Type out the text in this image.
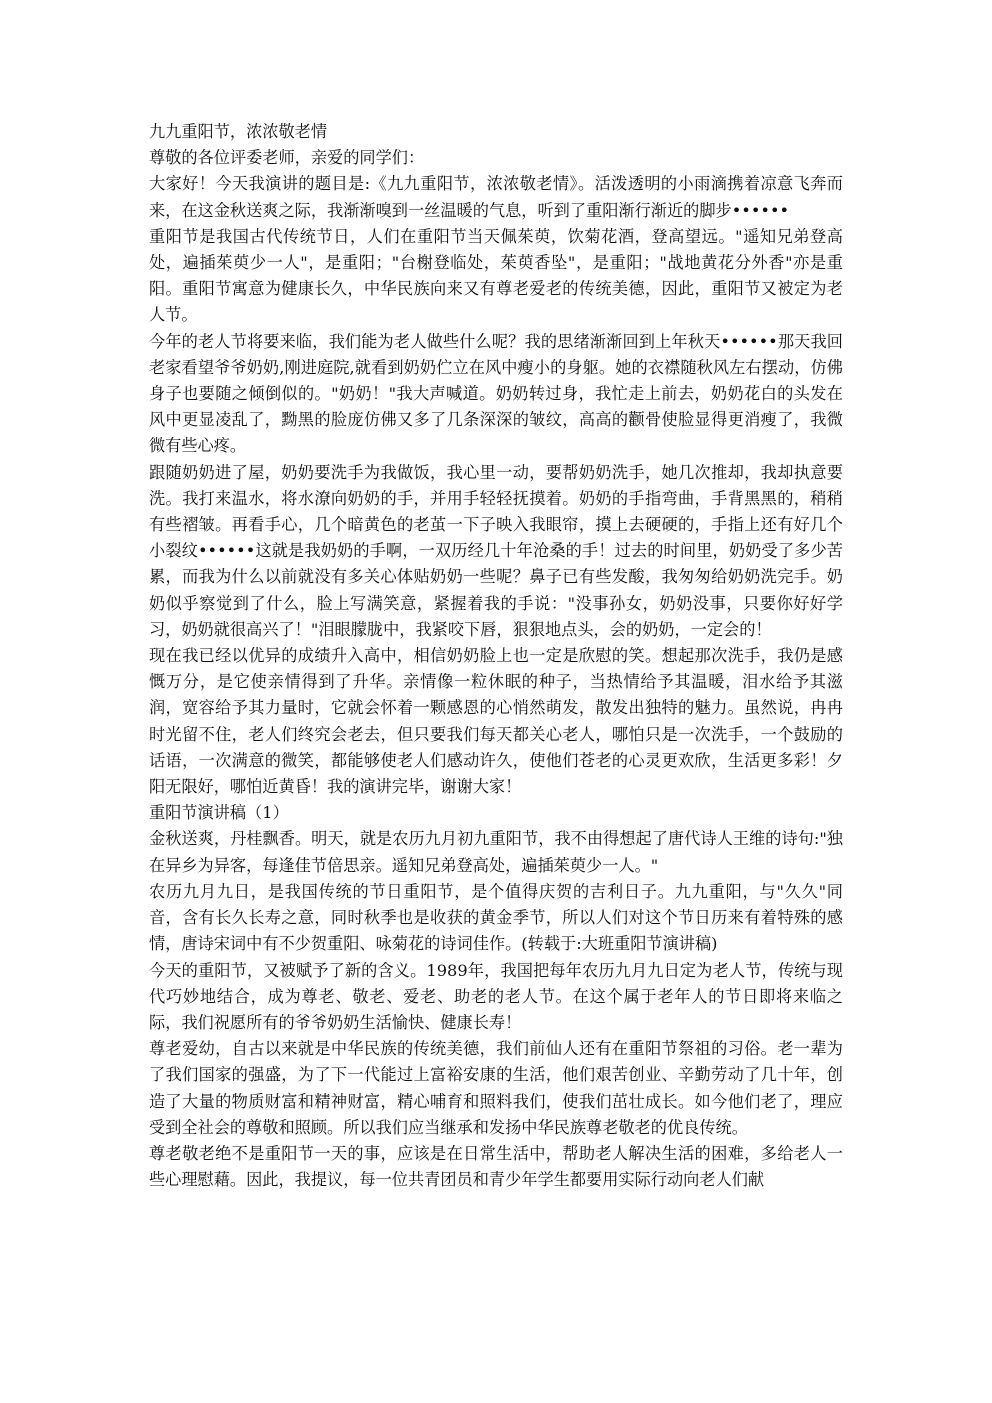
九九重阳节，浓浓敬老情

尊敬的各位评委老师，亲爱的同学们：

大家好！今天我演讲的题目是:《九九重阳节，浓浓敬老情》。活泼透明的小雨滴携着凉意飞奔而来，在这金秋送爽之际，我渐渐嗅到一丝温暖的气息，听到了重阳渐行渐近的脚步••••••

重阳节是我国古代传统节日，人们在重阳节当天佩茱萸，饮菊花酒，登高望远。"遥知兄弟登高处，遍插茱萸少一人"，是重阳；"台榭登临处，茱萸香坠"，是重阳；"战地黄花分外香"亦是重阳。重阳节寓意为健康长久，中华民族向来又有尊老爱老的传统美德，因此，重阳节又被定为老人节。

今年的老人节将要来临，我们能为老人做些什么呢？我的思绪渐渐回到上年秋天••••••那天我回老家看望爷爷奶奶,刚进庭院,就看到奶奶伫立在风中瘦小的身躯。她的衣襟随秋风左右摆动，仿佛身子也要随之倾倒似的。"奶奶！"我大声喊道。奶奶转过身，我忙走上前去，奶奶花白的头发在风中更显凌乱了，黝黑的脸庞仿佛又多了几条深深的皱纹，高高的颧骨使脸显得更消瘦了，我微微有些心疼。

跟随奶奶进了屋，奶奶要洗手为我做饭，我心里一动，要帮奶奶洗手，她几次推却，我却执意要洗。我打来温水，将水潦向奶奶的手，并用手轻轻抚摸着。奶奶的手指弯曲，手背黑黑的，稍稍有些褶皱。再看手心，几个暗黄色的老茧一下子映入我眼帘，摸上去硬硬的，手指上还有好几个小裂纹••••••这就是我奶奶的手啊，一双历经几十年沧桑的手！过去的时间里，奶奶受了多少苦累，而我为什么以前就没有多关心体贴奶奶一些呢？鼻子已有些发酸，我匆匆给奶奶洗完手。奶奶似乎察觉到了什么，脸上写满笑意，紧握着我的手说："没事孙女，奶奶没事，只要你好好学习，奶奶就很高兴了！"泪眼朦胧中，我紧咬下唇，狠狠地点头，会的奶奶，一定会的！

现在我已经以优异的成绩升入高中，相信奶奶脸上也一定是欣慰的笑。想起那次洗手，我仍是感慨万分，是它使亲情得到了升华。亲情像一粒休眠的种子，当热情给予其温暖，泪水给予其滋润，宽容给予其力量时，它就会怀着一颗感恩的心悄然萌发，散发出独特的魅力。虽然说，冉冉时光留不住，老人们终究会老去，但只要我们每天都关心老人，哪怕只是一次洗手，一个鼓励的话语，一次满意的微笑，都能够使老人们感动许久，使他们苍老的心灵更欢欣，生活更多彩！夕阳无限好，哪怕近黄昏！我的演讲完毕，谢谢大家！

重阳节演讲稿（1）

金秋送爽，丹桂飘香。明天，就是农历九月初九重阳节，我不由得想起了唐代诗人王维的诗句:"独在异乡为异客，每逢佳节倍思亲。遥知兄弟登高处，遍插茱萸少一人。"

农历九月九日，是我国传统的节日重阳节，是个值得庆贺的吉利日子。九九重阳，与"久久"同音，含有长久长寿之意，同时秋季也是收获的黄金季节，所以人们对这个节日历来有着特殊的感情，唐诗宋词中有不少贺重阳、咏菊花的诗词佳作。(转载于:大班重阳节演讲稿)

今天的重阳节，又被赋予了新的含义。1989年，我国把每年农历九月九日定为老人节，传统与现代巧妙地结合，成为尊老、敬老、爱老、助老的老人节。在这个属于老年人的节日即将来临之际，我们祝愿所有的爷爷奶奶生活愉快、健康长寿！

尊老爱幼，自古以来就是中华民族的传统美德，我们前仙人还有在重阳节祭祖的习俗。老一辈为了我们国家的强盛，为了下一代能过上富裕安康的生活，他们艰苦创业、辛勤劳动了几十年，创造了大量的物质财富和精神财富，精心哺育和照料我们，使我们茁壮成长。如今他们老了，理应受到全社会的尊敬和照顾。所以我们应当继承和发扬中华民族尊老敬老的优良传统。

尊老敬老绝不是重阳节一天的事，应该是在日常生活中，帮助老人解决生活的困难，多给老人一些心理慰藉。因此，我提议，每一位共青团员和青少年学生都要用实际行动向老人们献
